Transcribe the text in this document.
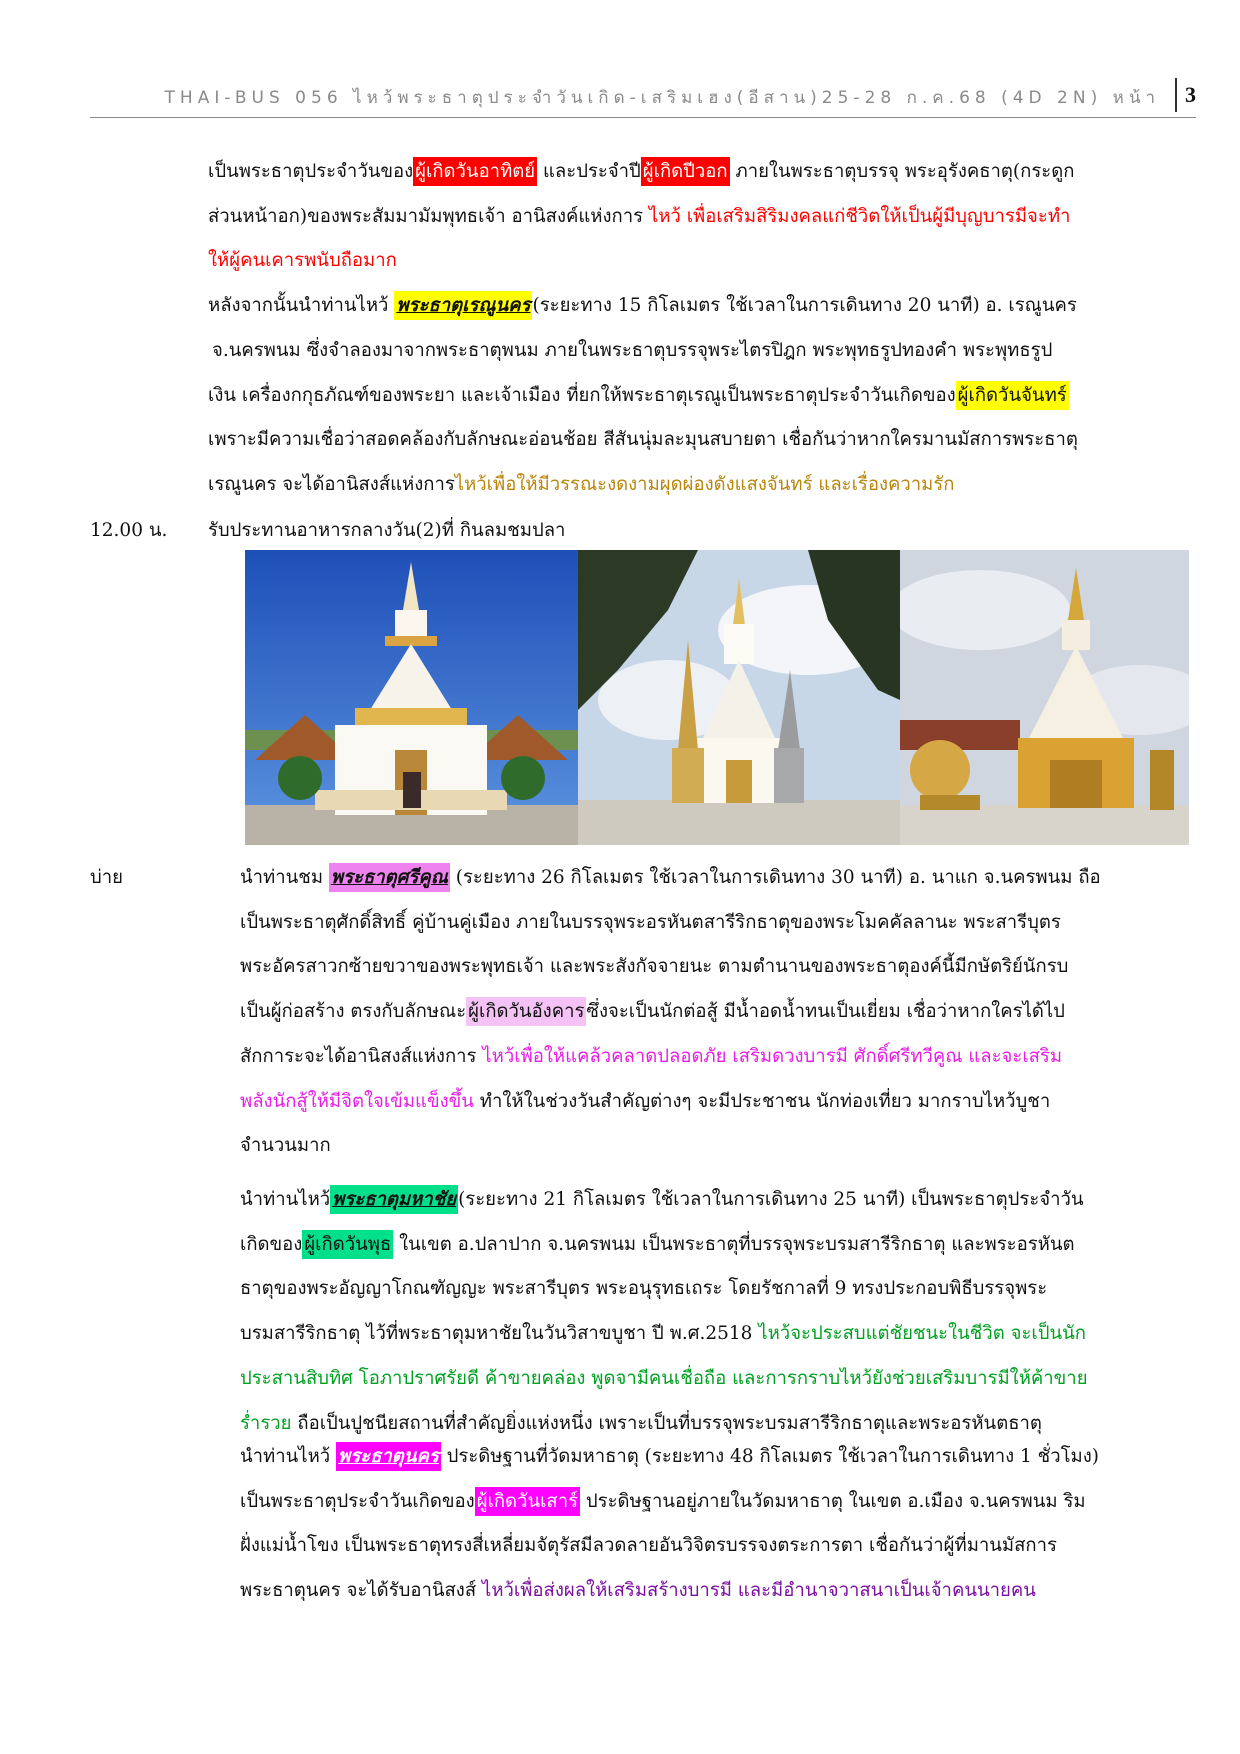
THAI-BUS 056 ไหว้พระธาตุประจำวันเกิด-เสริมเฮง(อีสาน)25-28 ก.ค.68 (4D 2N) หน้า	3
เป็นพระธาตุประจำวันของ ผู้เกิดวันอาทิตย์ และประจำปี ผู้เกิดปีวอก ภายในพระธาตุบรรจุ พระอุรังคธาตุ(กระดูก
ส่วนหน้าอก)ของพระสัมมามัมพุทธเจ้า อานิสงค์แห่งการ ไหว้ เพื่อเสริมสิริมงคลแก่ชีวิตให้เป็นผู้มีบุญบารมีจะทำ
ให้ผู้คนเคารพนับถือมาก
หลังจากนั้นนำท่านไหว้ พระธาตุเรณูนคร (ระยะทาง 15 กิโลเมตร ใช้เวลาในการเดินทาง 20 นาที) อ. เรณูนคร
จ.นครพนม ซึ่งจำลองมาจากพระธาตุพนม ภายในพระธาตุบรรจุพระไตรปิฎก พระพุทธรูปทองคำ พระพุทธรูป
เงิน เครื่องกกุธภัณฑ์ของพระยา และเจ้าเมือง ที่ยกให้พระธาตุเรณูเป็นพระธาตุประจำวันเกิดของ ผู้เกิดวันจันทร์
เพราะมีความเชื่อว่าสอดคล้องกับลักษณะอ่อนช้อย สีสันนุ่มละมุนสบายตา เชื่อกันว่าหากใครมานมัสการพระธาตุ
เรณูนคร จะได้อานิสงส์แห่งการไหว้เพื่อให้มีวรรณะงดงามผุดผ่องดังแสงจันทร์ และเรื่องความรัก
12.00 น. รับประทานอาหารกลางวัน(2)ที่ กินลมชมปลา
บ่าย	นำท่านชม พระธาตุศรีคูณ (ระยะทาง 26 กิโลเมตร ใช้เวลาในการเดินทาง 30 นาที) อ. นาแก จ.นครพนม ถือ
เป็นพระธาตุศักดิ์สิทธิ์ คู่บ้านคู่เมือง ภายในบรรจุพระอรหันตสารีริกธาตุของพระโมคคัลลานะ พระสารีบุตร
พระอัครสาวกซ้ายขวาของพระพุทธเจ้า และพระสังกัจจายนะ ตามตำนานของพระธาตุองค์นี้มีกษัตริย์นักรบ
เป็นผู้ก่อสร้าง ตรงกับลักษณะ ผู้เกิดวันอังคาร ซึ่งจะเป็นนักต่อสู้ มีน้ำอดน้ำทนเป็นเยี่ยม เชื่อว่าหากใครได้ไป
สักการะจะได้อานิสงส์แห่งการ ไหว้เพื่อให้แคล้วคลาดปลอดภัย เสริมดวงบารมี ศักดิ์ศรีทวีคูณ และจะเสริม
พลังนักสู้ให้มีจิตใจเข้มแข็งขึ้น ทำให้ในช่วงวันสำคัญต่างๆ จะมีประชาชน นักท่องเที่ยว มากราบไหว้บูชา
จำนวนมาก
นำท่านไหว้ พระธาตุมหาชัย (ระยะทาง 21 กิโลเมตร ใช้เวลาในการเดินทาง 25 นาที) เป็นพระธาตุประจำวัน
เกิดของ ผู้เกิดวันพุธ ในเขต อ.ปลาปาก จ.นครพนม เป็นพระธาตุที่บรรจุพระบรมสารีริกธาตุ และพระอรหันต
ธาตุของพระอัญญาโกณฑัญญะ พระสารีบุตร พระอนุรุทธเถระ โดยรัชกาลที่ 9 ทรงประกอบพิธีบรรจุพระ
บรมสารีริกธาตุ ไว้ที่พระธาตุมหาชัยในวันวิสาขบูชา ปี พ.ศ.2518 ไหว้จะประสบแต่ชัยชนะในชีวิต จะเป็นนัก
ประสานสิบทิศ โอภาปราศรัยดี ค้าขายคล่อง พูดจามีคนเชื่อถือ และการกราบไหว้ยังช่วยเสริมบารมีให้ค้าขาย
ร่ำรวย ถือเป็นปูชนียสถานที่สำคัญยิ่งแห่งหนึ่ง เพราะเป็นที่บรรจุพระบรมสารีริกธาตุและพระอรหันตธาตุ
นำท่านไหว้ พระธาตุนคร ประดิษฐานที่วัดมหาธาตุ (ระยะทาง 48 กิโลเมตร ใช้เวลาในการเดินทาง 1 ชั่วโมง)
เป็นพระธาตุประจำวันเกิดของ ผู้เกิดวันเสาร์ ประดิษฐานอยู่ภายในวัดมหาธาตุ ในเขต อ.เมือง จ.นครพนม ริม
ฝั่งแม่น้ำโขง เป็นพระธาตุทรงสี่เหลี่ยมจัตุรัสมีลวดลายอันวิจิตรบรรจงตระการตา เชื่อกันว่าผู้ที่มานมัสการ
พระธาตุนคร จะได้รับอานิสงส์ ไหว้เพื่อส่งผลให้เสริมสร้างบารมี และมีอำนาจวาสนาเป็นเจ้าคนนายคน
